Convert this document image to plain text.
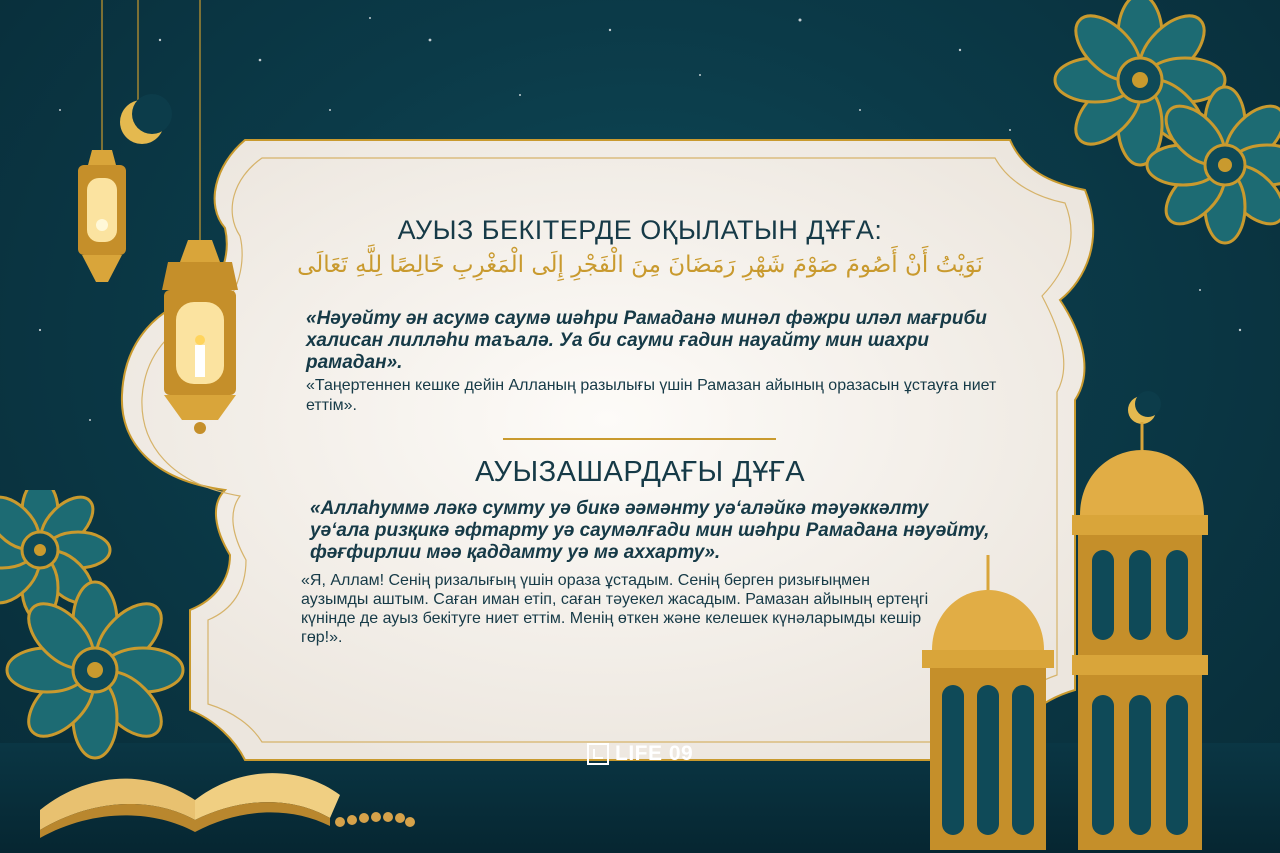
АУЫЗ БЕКІТЕРДЕ ОҚЫЛАТЫН ДҰҒА:
نَوَيْتُ أَنْ أَصُومَ صَوْمَ شَهْرِ رَمَضَانَ مِنَ الْفَجْرِ إِلَى الْمَغْرِبِ خَالِصًا لِلَّهِ تَعَالَى
«Нәуәйту ән асумә саумә шәһри Рамаданә минәл фәжри иләл мағриби халисан лилләһи таъалә. Уа би сауми ғадин науайту мин шахри рамадан».
«Таңертеннен кешке дейін Алланың разылығы үшін Рамазан айының оразасын ұстауға ниет еттім».
АУЫЗАШАРДАҒЫ ДҰҒА
«Аллаһуммә ләкә сумту уә бикә әәмәнту уәʻаләйкә тәуәккәлту уәʻала ризқикә әфтарту уә саумәлғади мин шәһри Рамадана нәуәйту, фәғфирлии мәә қаддамту уә мә аххарту».
«Я, Аллам! Сенің ризалығың үшін ораза ұстадым. Сенің берген ризығыңмен аузымды аштым. Саған иман етіп, саған тәуекел жасадым. Рамазан айының ертеңгі күнінде де ауыз бекітуге ниет еттім. Менің өткен және келешек күнәларымды кешір гөр!».
LIFE 09
